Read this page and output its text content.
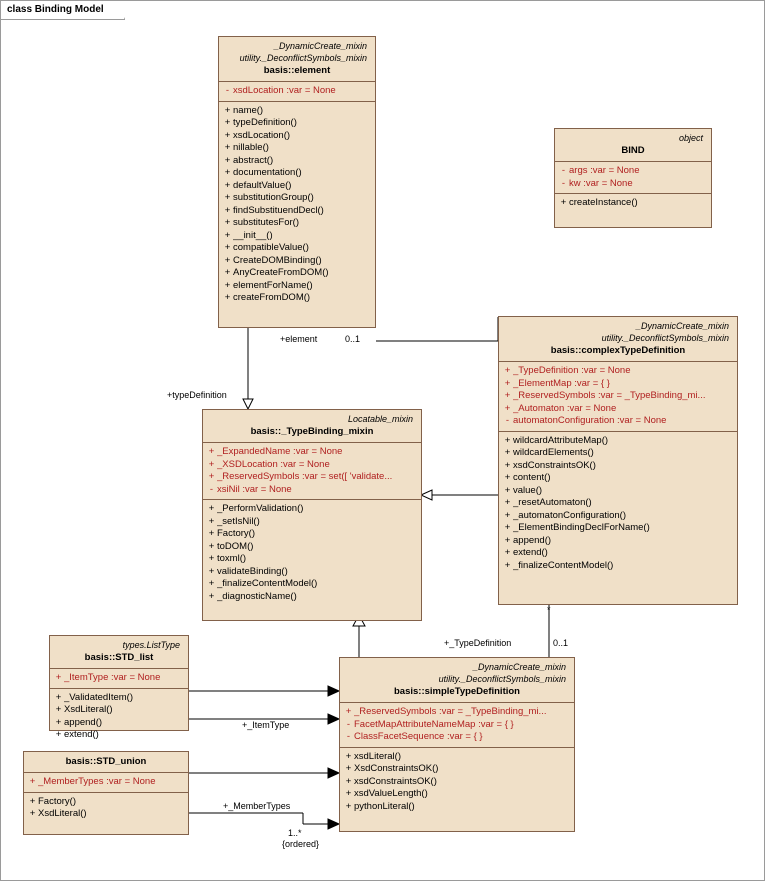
class Binding Model
+element	0..1
+typeDefinition
*
+_TypeDefinition	0..1
+_ItemType
+_MemberTypes
1..*
{ordered}
_DynamicCreate_mixin
utility._DeconflictSymbols_mixin
basis::element
- xsdLocation :var = None
+ name()
+ typeDefinition()
+ xsdLocation()
+ nillable()
+ abstract()
+ documentation()
+ defaultValue()
+ substitutionGroup()
+ findSubstituendDecl()
+ substitutesFor()
+ __init__()
+ compatibleValue()
+ CreateDOMBinding()
+ AnyCreateFromDOM()
+ elementForName()
+ createFromDOM()
object
BIND
- args :var = None
- kw :var = None
+ createInstance()
_DynamicCreate_mixin
utility._DeconflictSymbols_mixin
basis::complexTypeDefinition
+ _TypeDefinition :var = None
+ _ElementMap :var = { }
+ _ReservedSymbols :var = _TypeBinding_mi...
+ _Automaton :var = None
- automatonConfiguration :var = None
+ wildcardAttributeMap()
+ wildcardElements()
+ xsdConstraintsOK()
+ content()
+ value()
+ _resetAutomaton()
+ _automatonConfiguration()
+ _ElementBindingDeclForName()
+ append()
+ extend()
+ _finalizeContentModel()
Locatable_mixin
basis::_TypeBinding_mixin
+ _ExpandedName :var = None
+ _XSDLocation :var = None
+ _ReservedSymbols :var = set([ 'validate...
- xsiNil :var = None
+ _PerformValidation()
+ _setIsNil()
+ Factory()
+ toDOM()
+ toxml()
+ validateBinding()
+ _finalizeContentModel()
+ _diagnosticName()
types.ListType
basis::STD_list
+ _ItemType :var = None
+ _ValidatedItem()
+ XsdLiteral()
+ append()
+ extend()
basis::STD_union
+ _MemberTypes :var = None
+ Factory()
+ XsdLiteral()
_DynamicCreate_mixin
utility._DeconflictSymbols_mixin
basis::simpleTypeDefinition
+ _ReservedSymbols :var = _TypeBinding_mi...
- FacetMapAttributeNameMap :var = { }
- ClassFacetSequence :var = { }
+ xsdLiteral()
+ XsdConstraintsOK()
+ xsdConstraintsOK()
+ xsdValueLength()
+ pythonLiteral()
